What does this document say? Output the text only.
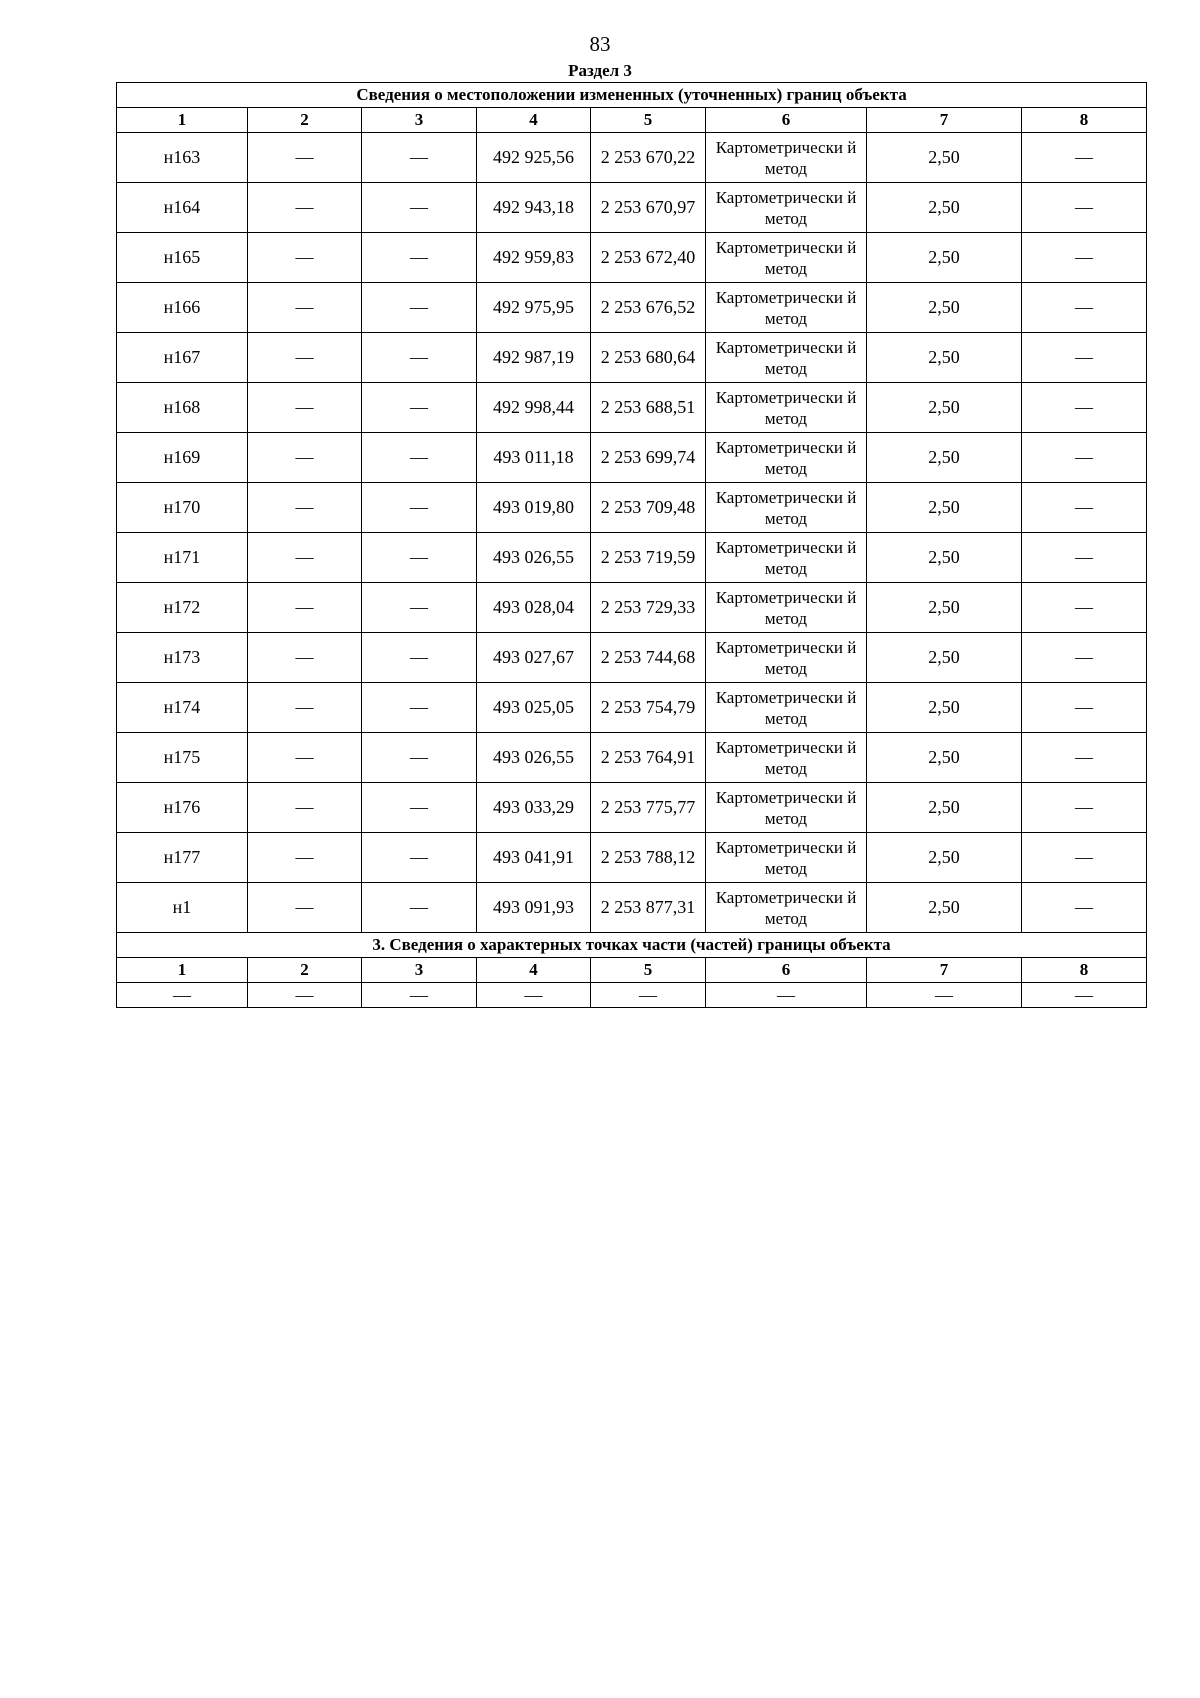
83
Раздел 3
Сведения о местоположении измененных (уточненных) границ объекта							
1	2	3	4	5	6	7	8
н163	—	—	492 925,56	2 253 670,22	Картометрически й метод	2,50	—
н164	—	—	492 943,18	2 253 670,97	Картометрически й метод	2,50	—
н165	—	—	492 959,83	2 253 672,40	Картометрически й метод	2,50	—
н166	—	—	492 975,95	2 253 676,52	Картометрически й метод	2,50	—
н167	—	—	492 987,19	2 253 680,64	Картометрически й метод	2,50	—
н168	—	—	492 998,44	2 253 688,51	Картометрически й метод	2,50	—
н169	—	—	493 011,18	2 253 699,74	Картометрически й метод	2,50	—
н170	—	—	493 019,80	2 253 709,48	Картометрически й метод	2,50	—
н171	—	—	493 026,55	2 253 719,59	Картометрически й метод	2,50	—
н172	—	—	493 028,04	2 253 729,33	Картометрически й метод	2,50	—
н173	—	—	493 027,67	2 253 744,68	Картометрически й метод	2,50	—
н174	—	—	493 025,05	2 253 754,79	Картометрически й метод	2,50	—
н175	—	—	493 026,55	2 253 764,91	Картометрически й метод	2,50	—
н176	—	—	493 033,29	2 253 775,77	Картометрически й метод	2,50	—
н177	—	—	493 041,91	2 253 788,12	Картометрически й метод	2,50	—
н1	—	—	493 091,93	2 253 877,31	Картометрически й метод	2,50	—
3. Сведения о характерных точках части (частей) границы объекта							
1	2	3	4	5	6	7	8
—	—	—	—	—	—	—	—
